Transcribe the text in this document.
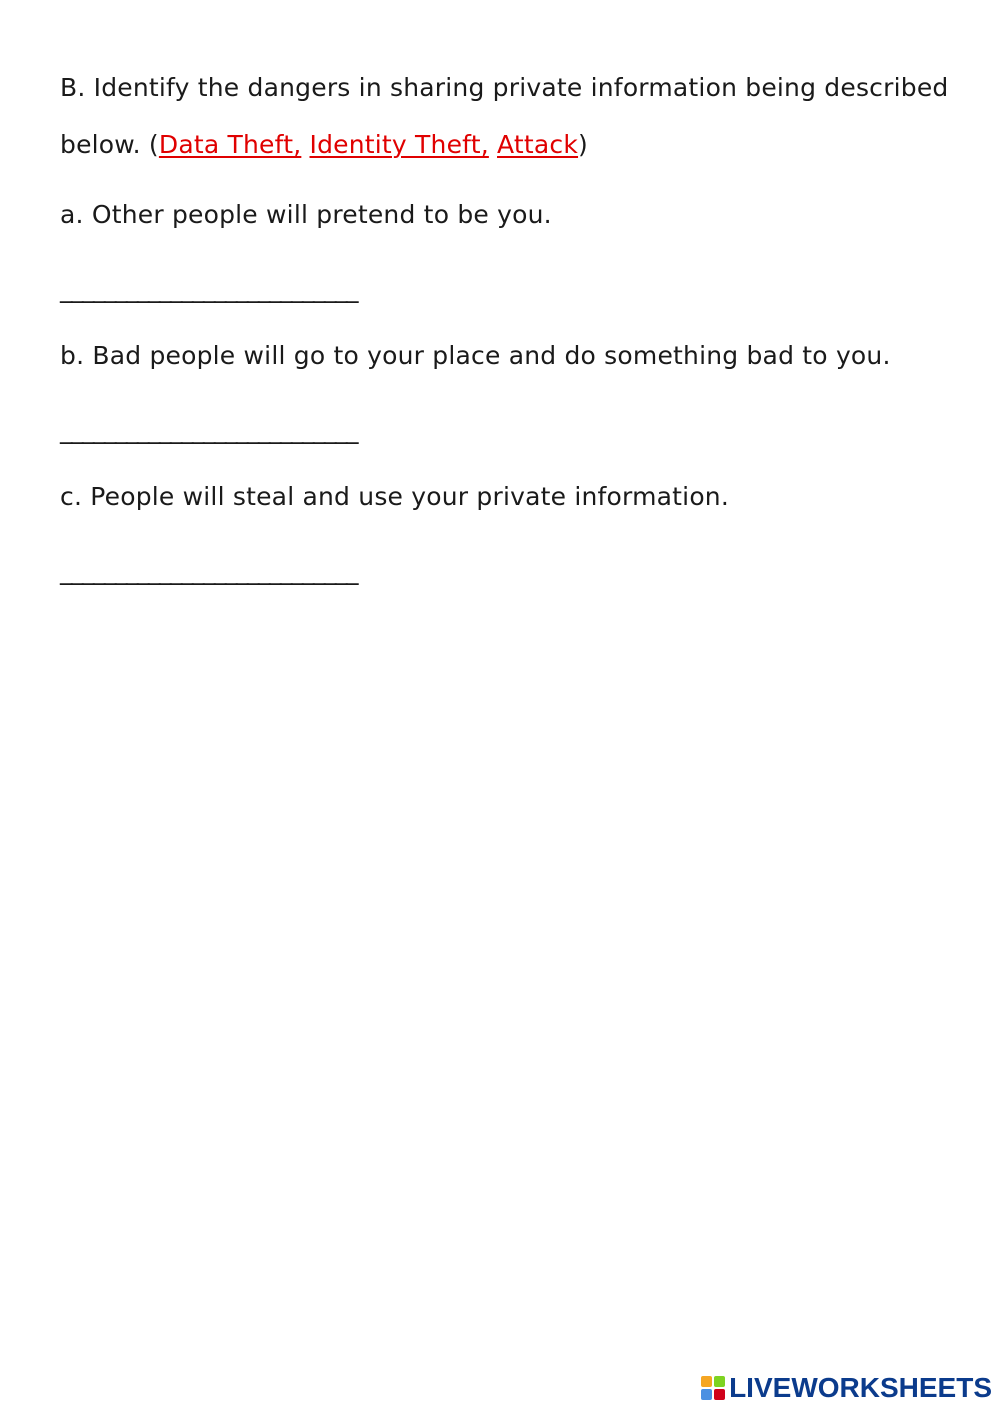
B. Identify the dangers in sharing private information being described
below. (Data Theft, Identity Theft, Attack)
a. Other people will pretend to be you.
___________________________
b. Bad people will go to your place and do something bad to you.
___________________________
c. People will steal and use your private information.
___________________________
LIVEWORKSHEETS
